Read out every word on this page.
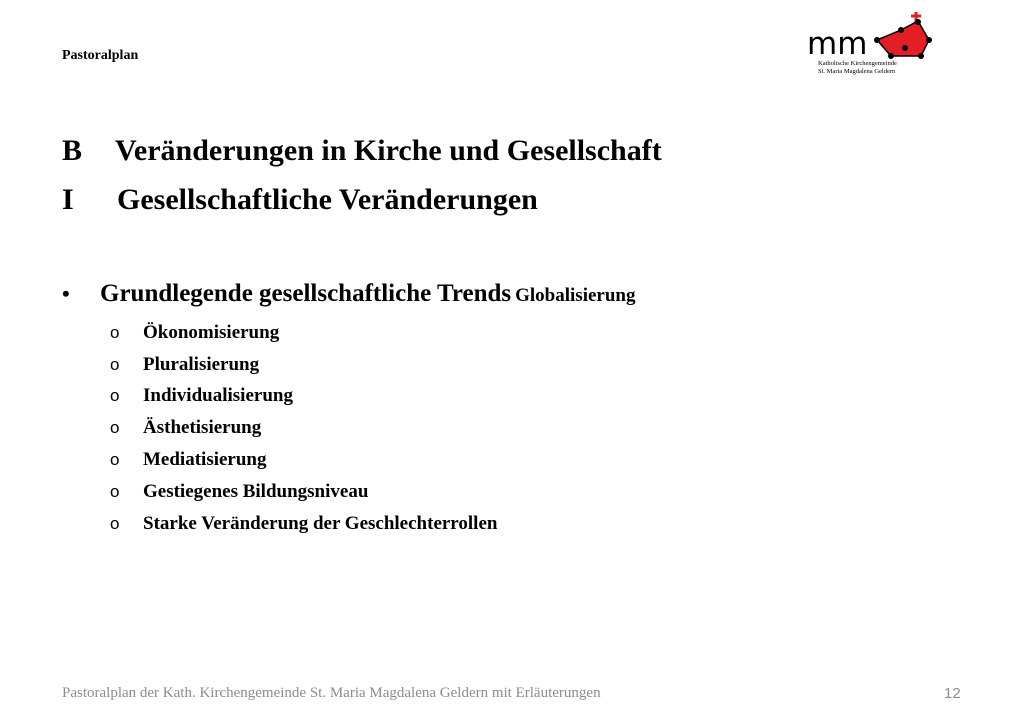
Pastoralplan	mm
Katholische Kirchengemeinde
St. Maria Magdalena Geldern
B Veränderungen in Kirche und Gesellschaft
I Gesellschaftliche Veränderungen
• Grundlegende gesellschaftliche Trends Globalisierung
o	Ökonomisierung
o	Pluralisierung
o	Individualisierung
o	Ästhetisierung
o	Mediatisierung
o	Gestiegenes Bildungsniveau
o	Starke Veränderung der Geschlechterrollen
Pastoralplan der Kath. Kirchengemeinde St. Maria Magdalena Geldern mit Erläuterungen	12
